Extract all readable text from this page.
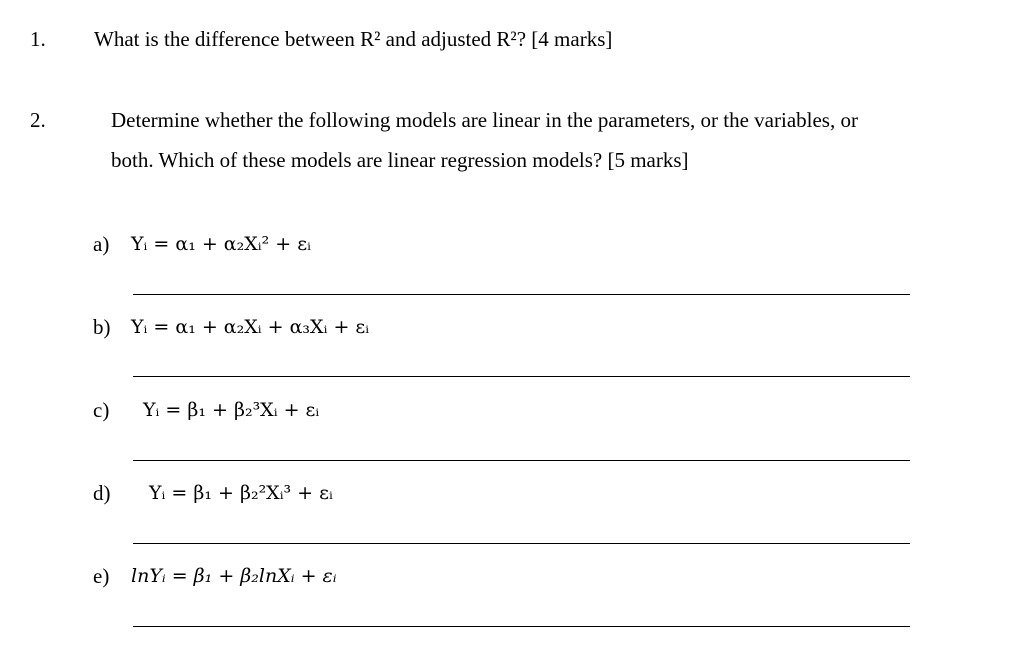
1. What is the difference between R² and adjusted R²? [4 marks]
2.	Determine whether the following models are linear in the parameters, or the variables, or
both. Which of these models are linear regression models? [5 marks]
a) Yᵢ = α₁ + α₂Xᵢ² + εᵢ
b) Yᵢ = α₁ + α₂Xᵢ + α₃Xᵢ + εᵢ
c) Yᵢ = β₁ + β₂³Xᵢ + εᵢ
d) Yᵢ = β₁ + β₂²Xᵢ³ + εᵢ
e) lnYᵢ = β₁ + β₂lnXᵢ + εᵢ
